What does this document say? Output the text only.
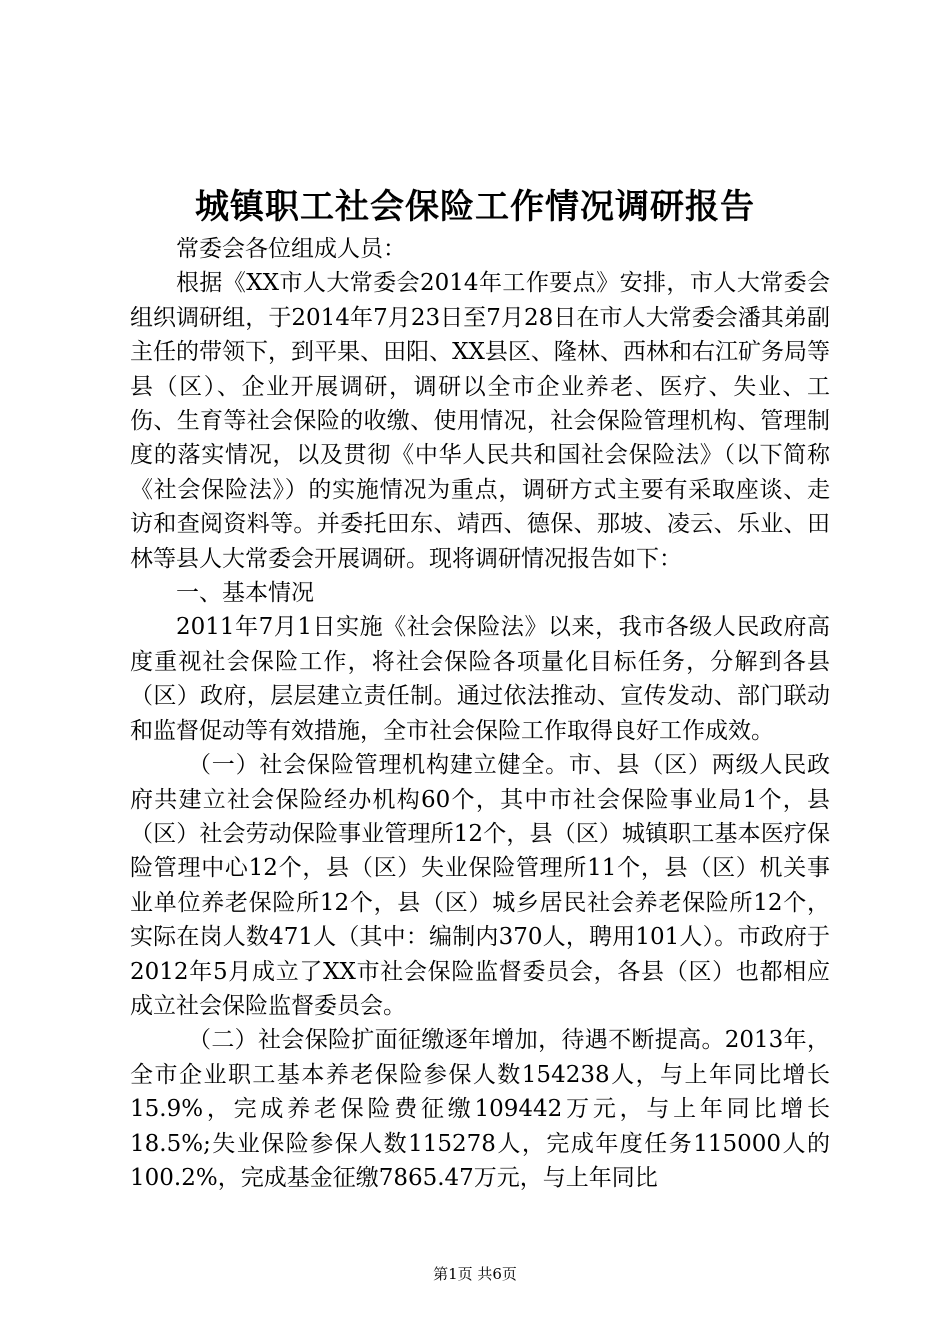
城镇职工社会保险工作情况调研报告

常委会各位组成人员：

根据《XX市人大常委会2014年工作要点》安排，市人大常委会组织调研组，于2014年7月23日至7月28日在市人大常委会潘其弟副主任的带领下，到平果、田阳、XX县区、隆林、西林和右江矿务局等县（区）、企业开展调研，调研以全市企业养老、医疗、失业、工伤、生育等社会保险的收缴、使用情况，社会保险管理机构、管理制度的落实情况，以及贯彻《中华人民共和国社会保险法》（以下简称《社会保险法》）的实施情况为重点，调研方式主要有采取座谈、走访和查阅资料等。并委托田东、靖西、德保、那坡、凌云、乐业、田林等县人大常委会开展调研。现将调研情况报告如下：

一、基本情况

2011年7月1日实施《社会保险法》以来，我市各级人民政府高度重视社会保险工作，将社会保险各项量化目标任务，分解到各县（区）政府，层层建立责任制。通过依法推动、宣传发动、部门联动和监督促动等有效措施，全市社会保险工作取得良好工作成效。

（一）社会保险管理机构建立健全。市、县（区）两级人民政府共建立社会保险经办机构60个，其中市社会保险事业局1个，县（区）社会劳动保险事业管理所12个，县（区）城镇职工基本医疗保险管理中心12个，县（区）失业保险管理所11个，县（区）机关事业单位养老保险所12个，县（区）城乡居民社会养老保险所12个，实际在岗人数471人（其中：编制内370人，聘用101人）。市政府于2012年5月成立了XX市社会保险监督委员会，各县（区）也都相应成立社会保险监督委员会。

（二）社会保险扩面征缴逐年增加，待遇不断提高。2013年，全市企业职工基本养老保险参保人数154238人，与上年同比增长15.9%，完成养老保险费征缴109442万元，与上年同比增长18.5%;失业保险参保人数115278人，完成年度任务115000人的100.2%，完成基金征缴7865.47万元，与上年同比

第1页 共6页
